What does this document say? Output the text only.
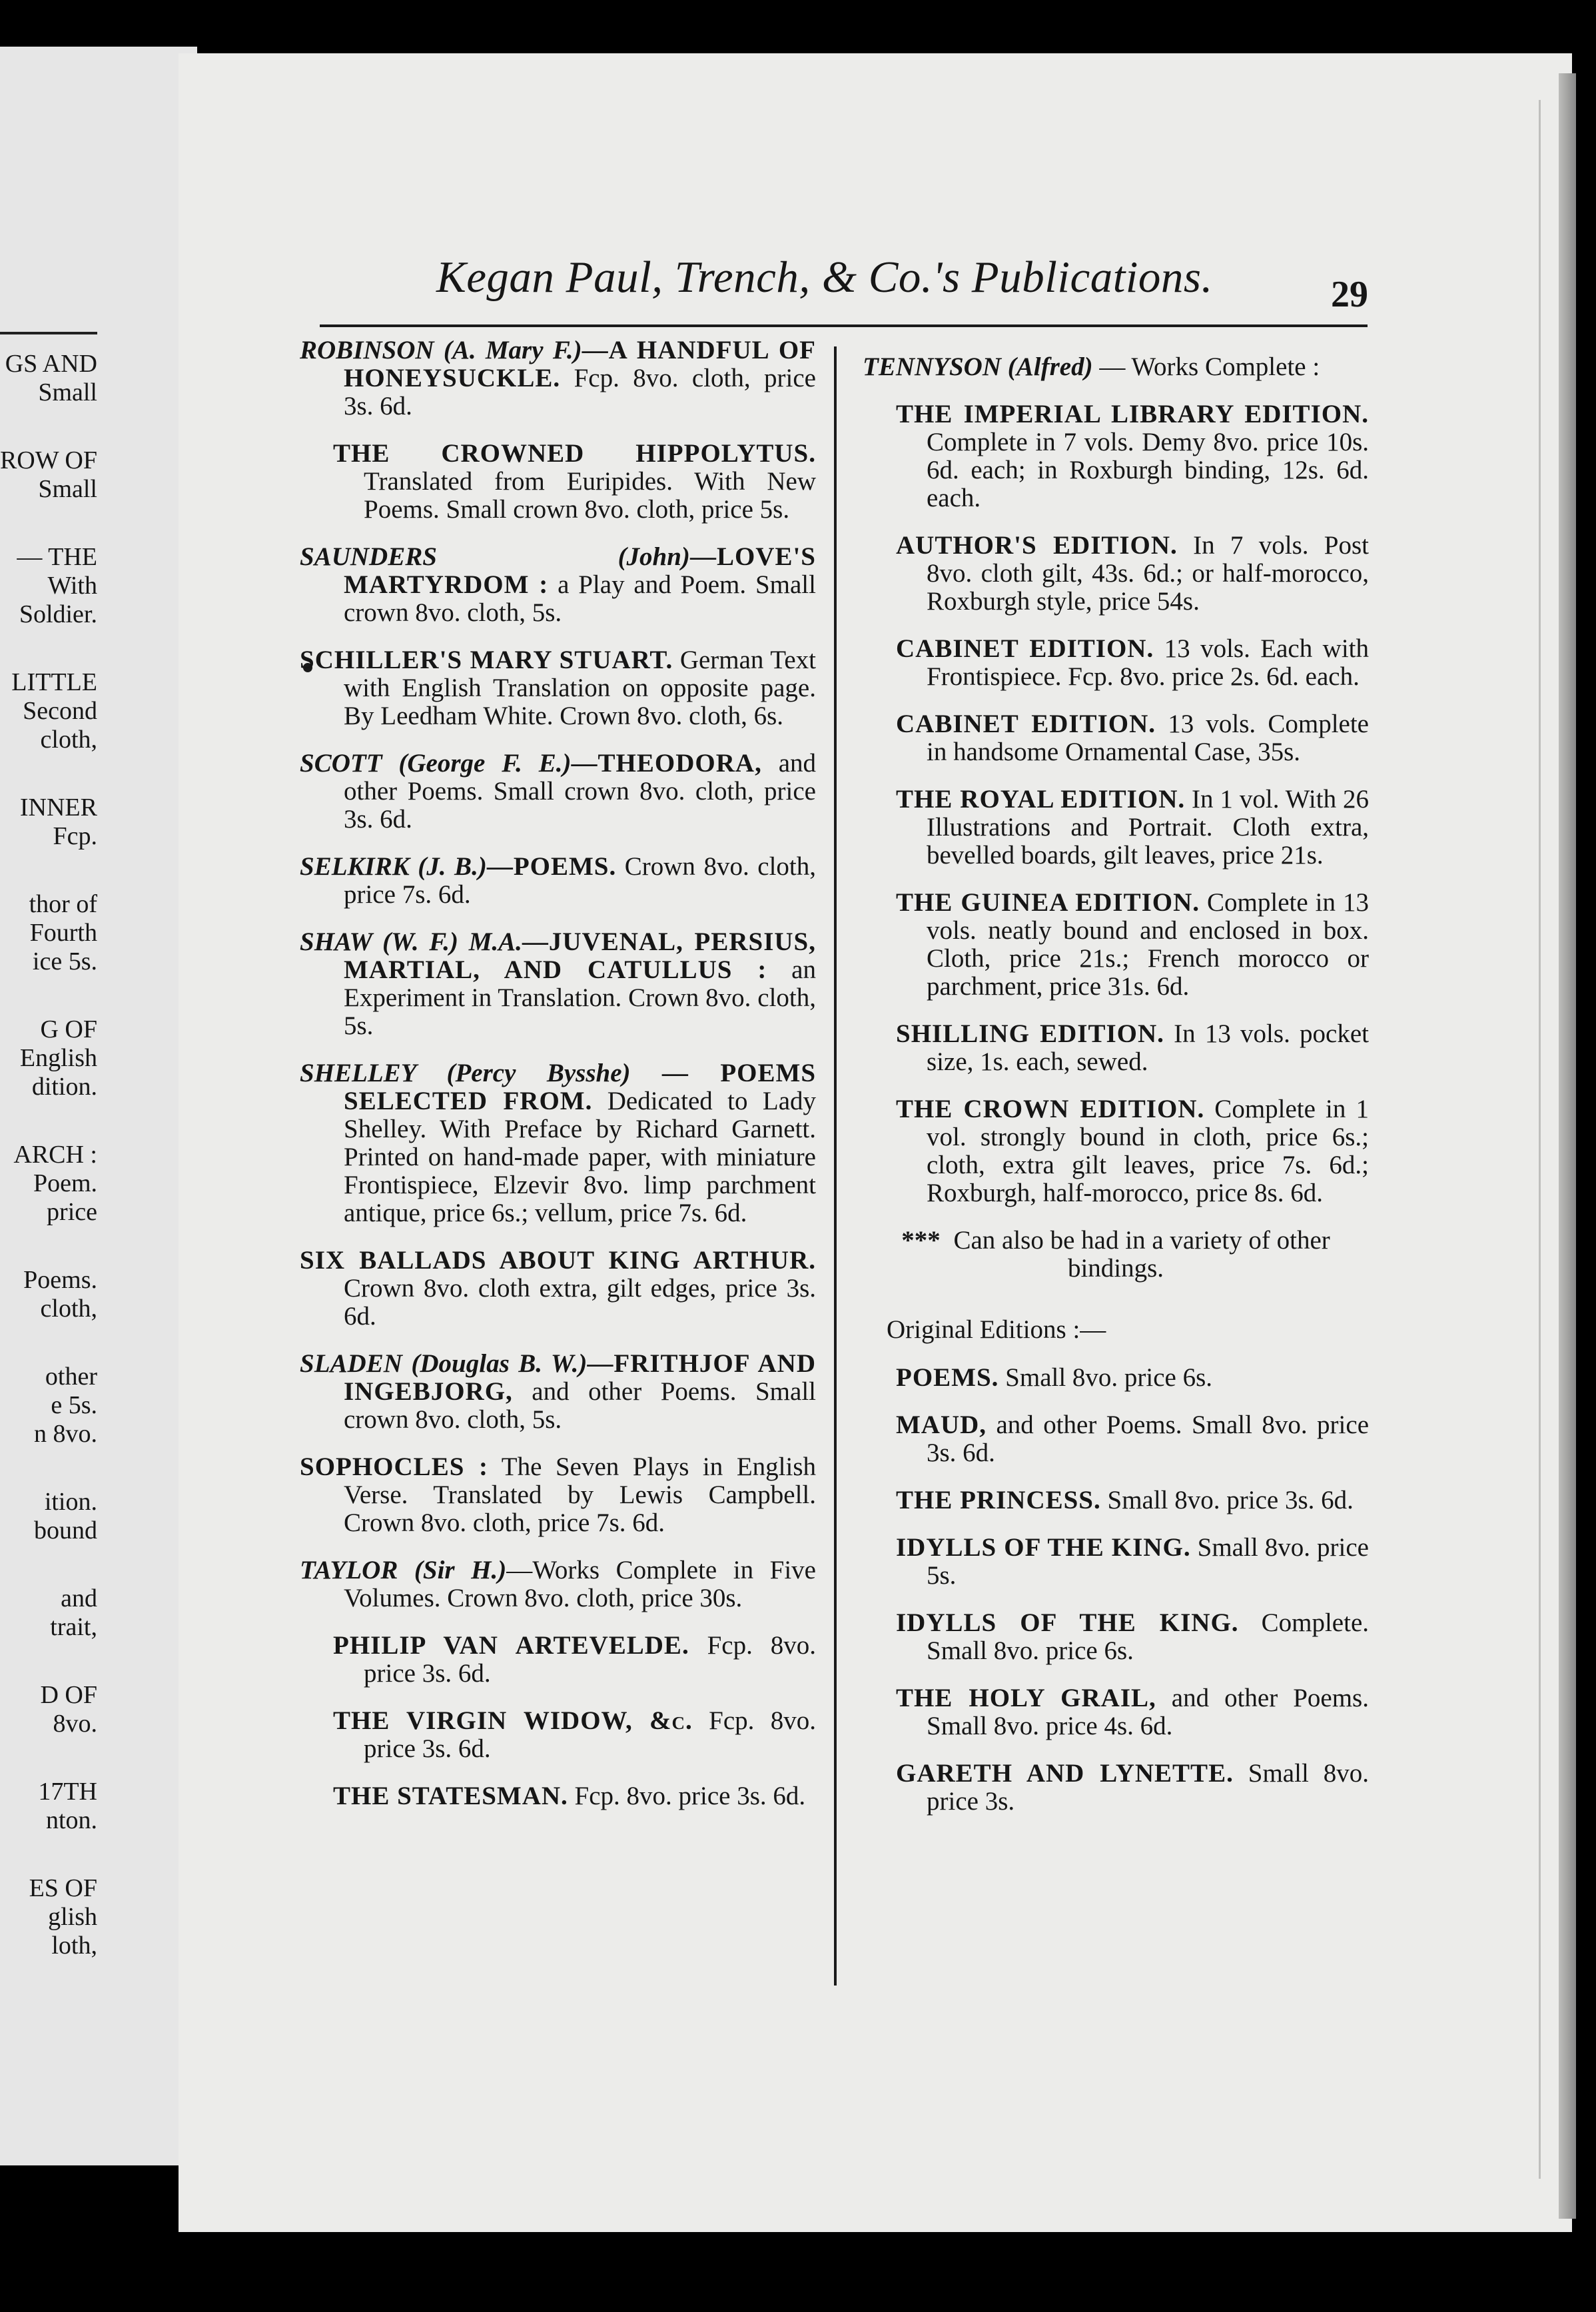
GS AND

Small

ROW OF

Small

— THE

With

Soldier.

LITTLE

Second

cloth,

INNER

Fcp.

thor of

Fourth

ice 5s.

G OF

English

dition.

ARCH :

Poem.

price

Poems.

cloth,

other

e 5s.

n 8vo.

ition.

bound

and

trait,

D OF

8vo.

17TH

nton.

ES OF

glish

loth,

Kegan Paul, Trench, & Co.'s Publications.	29

ROBINSON (A. Mary F.)—A HANDFUL OF HONEYSUCKLE. Fcp. 8vo. cloth, price 3s. 6d.

THE CROWNED HIPPOLYTUS. Translated from Euripides. With New Poems. Small crown 8vo. cloth, price 5s.

SAUNDERS (John)—LOVE'S MARTYRDOM : a Play and Poem. Small crown 8vo. cloth, 5s.

SCHILLER'S MARY STUART. German Text with English Translation on opposite page. By Leedham White. Crown 8vo. cloth, 6s.

SCOTT (George F. E.)—THEODORA, and other Poems. Small crown 8vo. cloth, price 3s. 6d.

SELKIRK (J. B.)—POEMS. Crown 8vo. cloth, price 7s. 6d.

SHAW (W. F.) M.A.—JUVENAL, PERSIUS, MARTIAL, AND CATULLUS : an Experiment in Translation. Crown 8vo. cloth, 5s.

SHELLEY (Percy Bysshe) — POEMS SELECTED FROM. Dedicated to Lady Shelley. With Preface by Richard Garnett. Printed on hand-made paper, with miniature Frontispiece, Elzevir 8vo. limp parchment antique, price 6s.; vellum, price 7s. 6d.

SIX BALLADS ABOUT KING ARTHUR. Crown 8vo. cloth extra, gilt edges, price 3s. 6d.

SLADEN (Douglas B. W.)—FRITHJOF AND INGEBJORG, and other Poems. Small crown 8vo. cloth, 5s.

SOPHOCLES : The Seven Plays in English Verse. Translated by Lewis Campbell. Crown 8vo. cloth, price 7s. 6d.

TAYLOR (Sir H.)—Works Complete in Five Volumes. Crown 8vo. cloth, price 30s.

PHILIP VAN ARTEVELDE. Fcp. 8vo. price 3s. 6d.

THE VIRGIN WIDOW, &c. Fcp. 8vo. price 3s. 6d.

THE STATESMAN. Fcp. 8vo. price 3s. 6d.

TENNYSON (Alfred) — Works Complete :

THE IMPERIAL LIBRARY EDITION. Complete in 7 vols. Demy 8vo. price 10s. 6d. each; in Roxburgh binding, 12s. 6d. each.

AUTHOR'S EDITION. In 7 vols. Post 8vo. cloth gilt, 43s. 6d.; or half-morocco, Roxburgh style, price 54s.

CABINET EDITION. 13 vols. Each with Frontispiece. Fcp. 8vo. price 2s. 6d. each.

CABINET EDITION. 13 vols. Complete in handsome Ornamental Case, 35s.

THE ROYAL EDITION. In 1 vol. With 26 Illustrations and Portrait. Cloth extra, bevelled boards, gilt leaves, price 21s.

THE GUINEA EDITION. Complete in 13 vols. neatly bound and enclosed in box. Cloth, price 21s.; French morocco or parchment, price 31s. 6d.

SHILLING EDITION. In 13 vols. pocket size, 1s. each, sewed.

THE CROWN EDITION. Complete in 1 vol. strongly bound in cloth, price 6s.; cloth, extra gilt leaves, price 7s. 6d.; Roxburgh, half-morocco, price 8s. 6d.

*** Can also be had in a variety of other bindings.

Original Editions :—

POEMS. Small 8vo. price 6s.

MAUD, and other Poems. Small 8vo. price 3s. 6d.

THE PRINCESS. Small 8vo. price 3s. 6d.

IDYLLS OF THE KING. Small 8vo. price 5s.

IDYLLS OF THE KING. Complete. Small 8vo. price 6s.

THE HOLY GRAIL, and other Poems. Small 8vo. price 4s. 6d.

GARETH AND LYNETTE. Small 8vo. price 3s.
